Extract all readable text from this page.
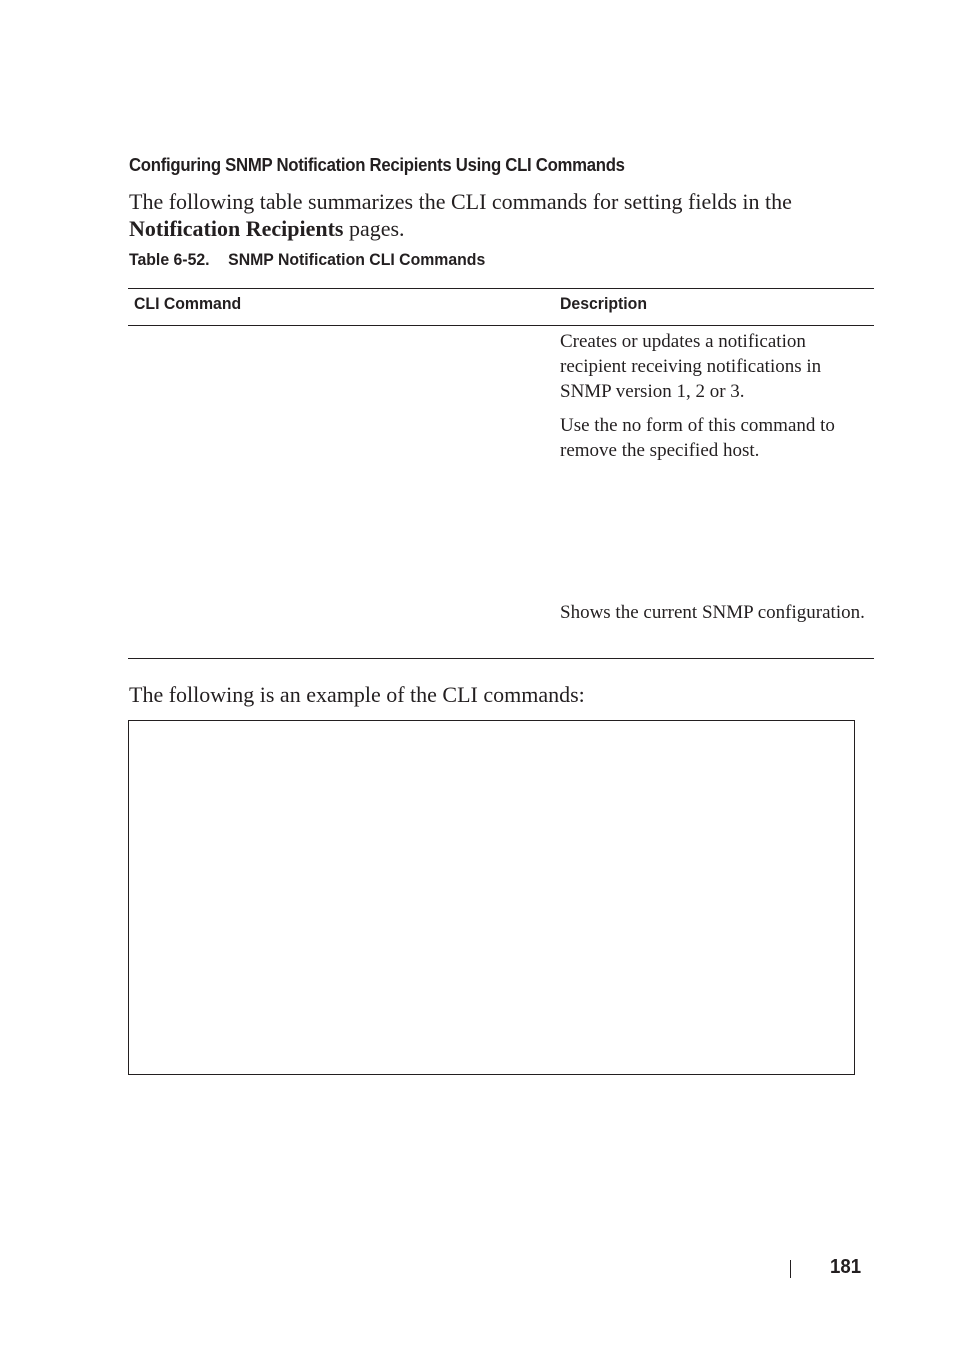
Configuring SNMP Notification Recipients Using CLI Commands
The following table summarizes the CLI commands for setting fields in the Notification Recipients pages.
Table 6-52. SNMP Notification CLI Commands
CLI Command	Description
Creates or updates a notification recipient receiving notifications in SNMP version 1, 2 or 3.
Use the no form of this command to remove the specified host.
Shows the current SNMP configuration.
The following is an example of the CLI commands:
181
